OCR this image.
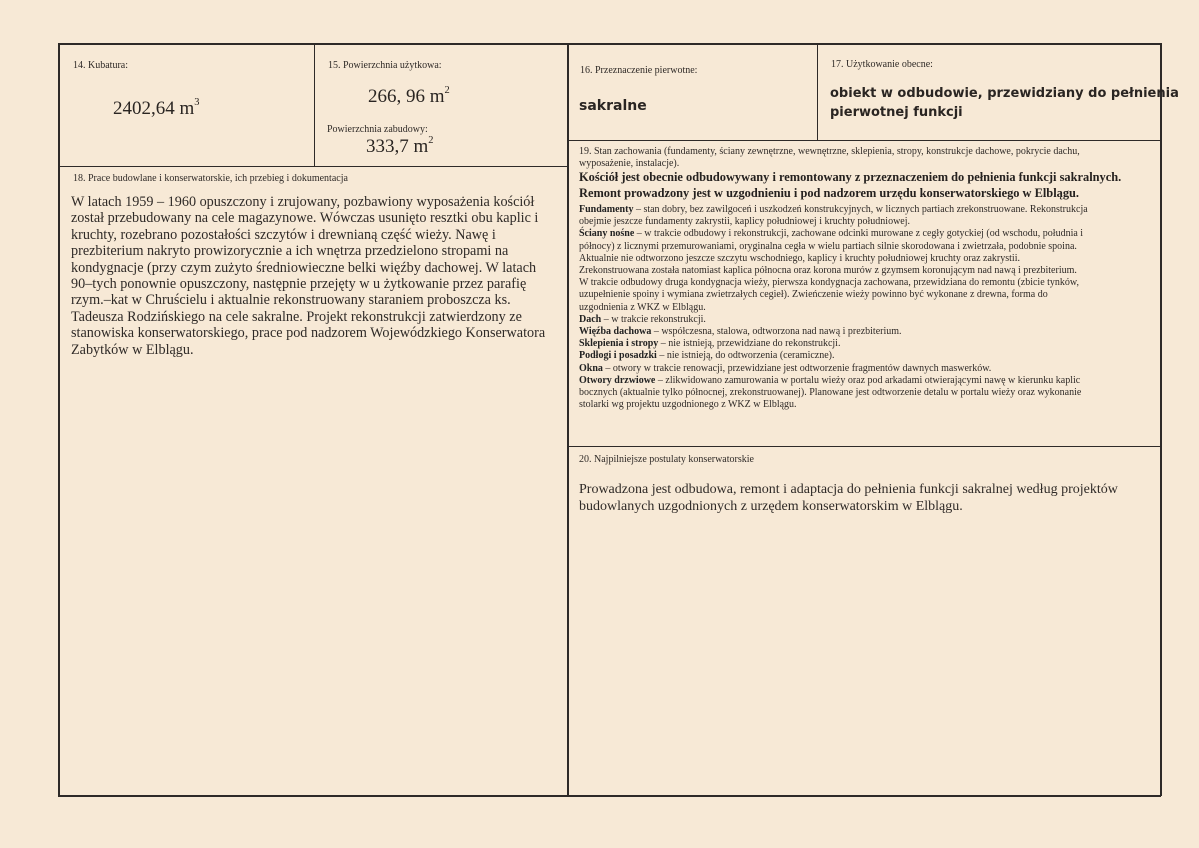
14. Kubatura:
2402,64 $m^3$
15. Powierzchnia użytkowa:
266, 96 $m^2$
Powierzchnia zabudowy:
333,7 $m^2$
16. Przeznaczenie pierwotne:
sakralne
17. Użytkowanie obecne:
obiekt w odbudowie, przewidziany do pełnienia
pierwotnej funkcji
18. Prace budowlane i konserwatorskie, ich przebieg i dokumentacja
W latach 1959 – 1960 opuszczony i zrujowany, pozbawiony wyposażenia kościół
został przebudowany na cele magazynowe. Wówczas usunięto resztki obu kaplic i
kruchty, rozebrano pozostałości szczytów i drewnianą część wieży. Nawę i
prezbiterium nakryto prowizorycznie a ich wnętrza przedzielono stropami na
kondygnacje (przy czym zużyto średniowieczne belki więźby dachowej. W latach
90–tych ponownie opuszczony, następnie przejęty w u żytkowanie przez parafię
rzym.–kat w Chruścielu i aktualnie rekonstruowany staraniem proboszcza ks.
Tadeusza Rodzińskiego na cele sakralne. Projekt rekonstrukcji zatwierdzony ze
stanowiska konserwatorskiego, prace pod nadzorem Wojewódzkiego Konserwatora
Zabytków w Elblągu.
19. Stan zachowania (fundamenty, ściany zewnętrzne, wewnętrzne, sklepienia, stropy, konstrukcje dachowe, pokrycie dachu,
wyposażenie, instalacje).
Kościół jest obecnie odbudowywany i remontowany z przeznaczeniem do pełnienia funkcji sakralnych.
Remont prowadzony jest w uzgodnieniu i pod nadzorem urzędu konserwatorskiego w Elblągu.
Fundamenty – stan dobry, bez zawilgoceń i uszkodzeń konstrukcyjnych, w licznych partiach zrekonstruowane. Rekonstrukcja
obejmie jeszcze fundamenty zakrystii, kaplicy południowej i kruchty południowej.
Ściany nośne – w trakcie odbudowy i rekonstrukcji, zachowane odcinki murowane z cegły gotyckiej (od wschodu, południa i
północy) z licznymi przemurowaniami, oryginalna cegła w wielu partiach silnie skorodowana i zwietrzała, podobnie spoina.
Aktualnie nie odtworzono jeszcze szczytu wschodniego, kaplicy i kruchty południowej kruchty oraz zakrystii.
Zrekonstruowana została natomiast kaplica północna oraz korona murów z gzymsem koronującym nad nawą i prezbiterium.
W trakcie odbudowy druga kondygnacja wieży, pierwsza kondygnacja zachowana, przewidziana do remontu (zbicie tynków,
uzupełnienie spoiny i wymiana zwietrzałych cegieł). Zwieńczenie wieży powinno być wykonane z drewna, forma do
uzgodnienia z WKZ w Elblągu.
Dach – w trakcie rekonstrukcji.
Więźba dachowa – współczesna, stalowa, odtworzona nad nawą i prezbiterium.
Sklepienia i stropy – nie istnieją, przewidziane do rekonstrukcji.
Podłogi i posadzki – nie istnieją, do odtworzenia (ceramiczne).
Okna – otwory w trakcie renowacji, przewidziane jest odtworzenie fragmentów dawnych maswerków.
Otwory drzwiowe – zlikwidowano zamurowania w portalu wieży oraz pod arkadami otwierającymi nawę w kierunku kaplic
bocznych (aktualnie tylko północnej, zrekonstruowanej). Planowane jest odtworzenie detalu w portalu wieży oraz wykonanie
stolarki wg projektu uzgodnionego z WKZ w Elblągu.
20. Najpilniejsze postulaty konserwatorskie
Prowadzona jest odbudowa, remont i adaptacja do pełnienia funkcji sakralnej według projektów
budowlanych uzgodnionych z urzędem konserwatorskim w Elblągu.
